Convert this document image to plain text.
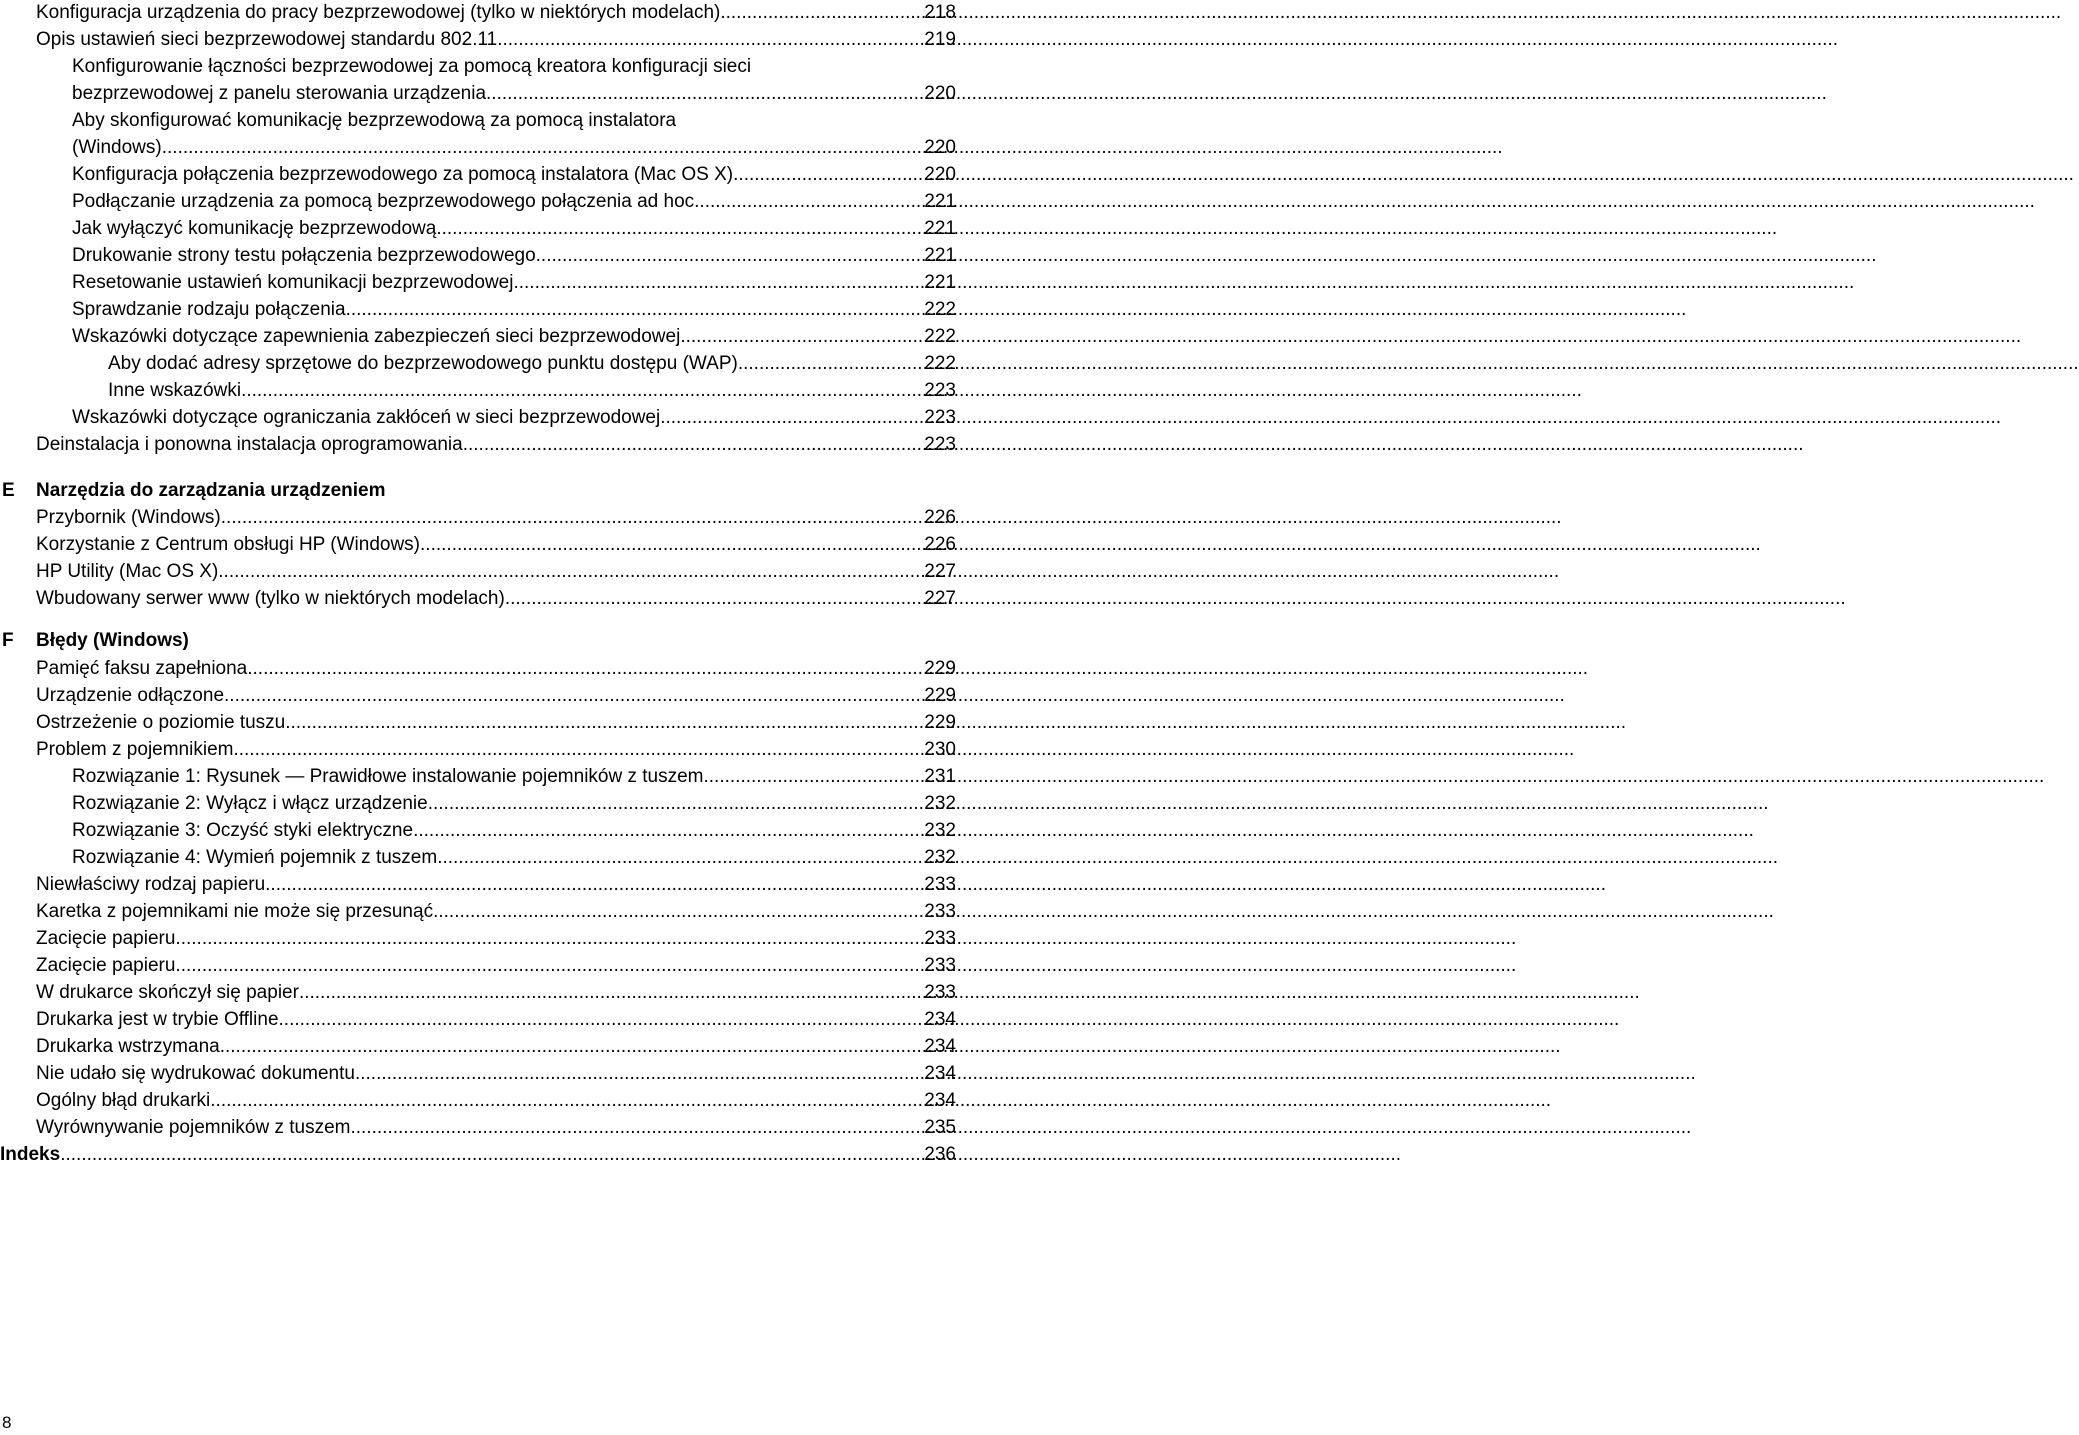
Konfiguracja urządzenia do pracy bezprzewodowej (tylko w niektórych modelach) .....	218
Opis ustawień sieci bezprzewodowej standardu 802.11 .....	219
Konfigurowanie łączności bezprzewodowej za pomocą kreatora konfiguracji sieci
bezprzewodowej z panelu sterowania urządzenia .....	220
Aby skonfigurować komunikację bezprzewodową za pomocą instalatora
(Windows) .....	220
Konfiguracja połączenia bezprzewodowego za pomocą instalatora (Mac OS X) .....	220
Podłączanie urządzenia za pomocą bezprzewodowego połączenia ad hoc .....	221
Jak wyłączyć komunikację bezprzewodową .....	221
Drukowanie strony testu połączenia bezprzewodowego .....	221
Resetowanie ustawień komunikacji bezprzewodowej .....	221
Sprawdzanie rodzaju połączenia .....	222
Wskazówki dotyczące zapewnienia zabezpieczeń sieci bezprzewodowej .....	222
Aby dodać adresy sprzętowe do bezprzewodowego punktu dostępu (WAP) .....	222
Inne wskazówki .....	223
Wskazówki dotyczące ograniczania zakłóceń w sieci bezprzewodowej .....	223
Deinstalacja i ponowna instalacja oprogramowania .....	223
E Narzędzia do zarządzania urządzeniem
Przybornik (Windows) .....	226
Korzystanie z Centrum obsługi HP (Windows) .....	226
HP Utility (Mac OS X) .....	227
Wbudowany serwer www (tylko w niektórych modelach) .....	227
F Błędy (Windows)
Pamięć faksu zapełniona .....	229
Urządzenie odłączone .....	229
Ostrzeżenie o poziomie tuszu .....	229
Problem z pojemnikiem .....	230
Rozwiązanie 1: Rysunek — Prawidłowe instalowanie pojemników z tuszem .....	231
Rozwiązanie 2: Wyłącz i włącz urządzenie .....	232
Rozwiązanie 3: Oczyść styki elektryczne .....	232
Rozwiązanie 4: Wymień pojemnik z tuszem .....	232
Niewłaściwy rodzaj papieru .....	233
Karetka z pojemnikami nie może się przesunąć .....	233
Zacięcie papieru .....	233
Zacięcie papieru .....	233
W drukarce skończył się papier .....	233
Drukarka jest w trybie Offline .....	234
Drukarka wstrzymana .....	234
Nie udało się wydrukować dokumentu .....	234
Ogólny błąd drukarki .....	234
Wyrównywanie pojemników z tuszem .....	235
Indeks .....	236
8
